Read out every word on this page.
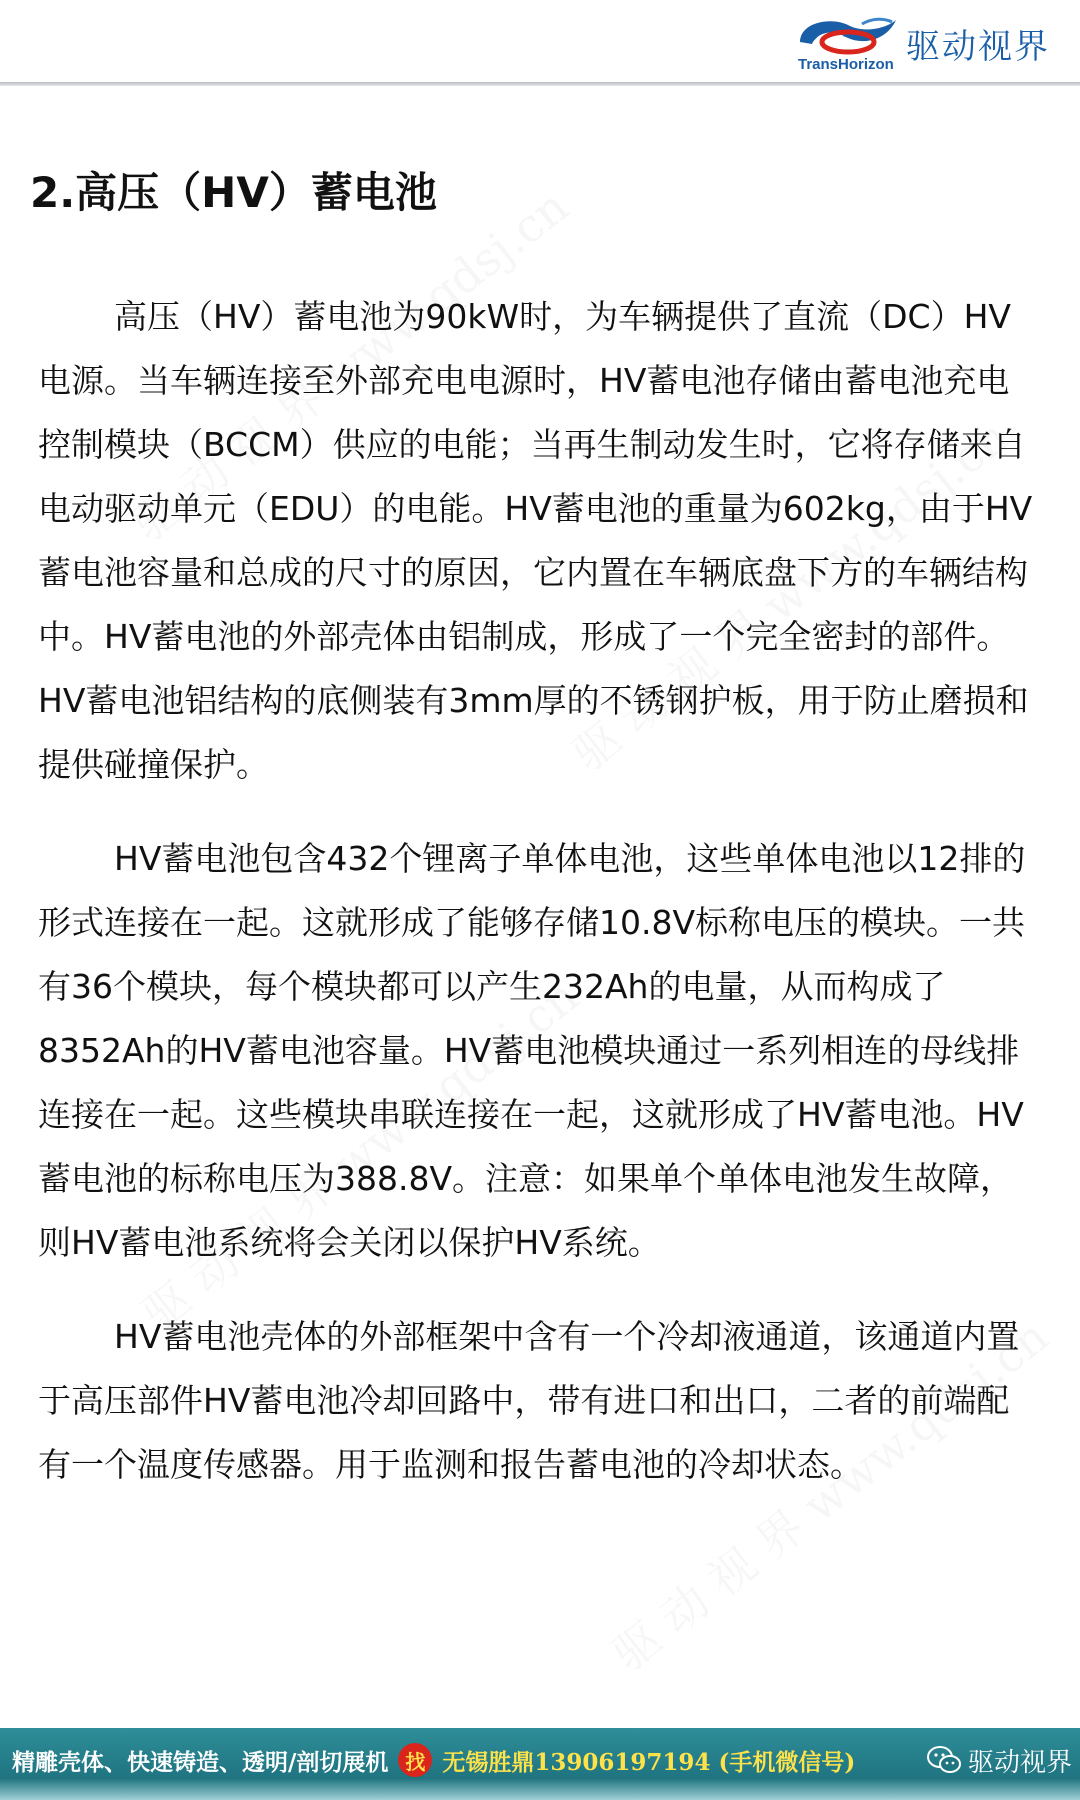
TransHorizon 驱动视界
2.高压（HV）蓄电池

高压（HV）蓄电池为90kW时，为车辆提供了直流（DC）HV电源。当车辆连接至外部充电电源时，HV蓄电池存储由蓄电池充电控制模块（BCCM）供应的电能；当再生制动发生时，它将存储来自电动驱动单元（EDU）的电能。HV蓄电池的重量为602kg，由于HV蓄电池容量和总成的尺寸的原因，它内置在车辆底盘下方的车辆结构中。HV蓄电池的外部壳体由铝制成，形成了一个完全密封的部件。HV蓄电池铝结构的底侧装有3mm厚的不锈钢护板，用于防止磨损和提供碰撞保护。

HV蓄电池包含432个锂离子单体电池，这些单体电池以12排的形式连接在一起。这就形成了能够存储10.8V标称电压的模块。一共有36个模块，每个模块都可以产生232Ah的电量，从而构成了8352Ah的HV蓄电池容量。HV蓄电池模块通过一系列相连的母线排连接在一起。这些模块串联连接在一起，这就形成了HV蓄电池。HV蓄电池的标称电压为388.8V。注意：如果单个单体电池发生故障，则HV蓄电池系统将会关闭以保护HV系统。

HV蓄电池壳体的外部框架中含有一个冷却液通道，该通道内置于高压部件HV蓄电池冷却回路中，带有进口和出口，二者的前端配有一个温度传感器。用于监测和报告蓄电池的冷却状态。

精雕壳体、快速铸造、透明/剖切展机 找 无锡胜鼎13906197194 (手机微信号)	驱动视界
